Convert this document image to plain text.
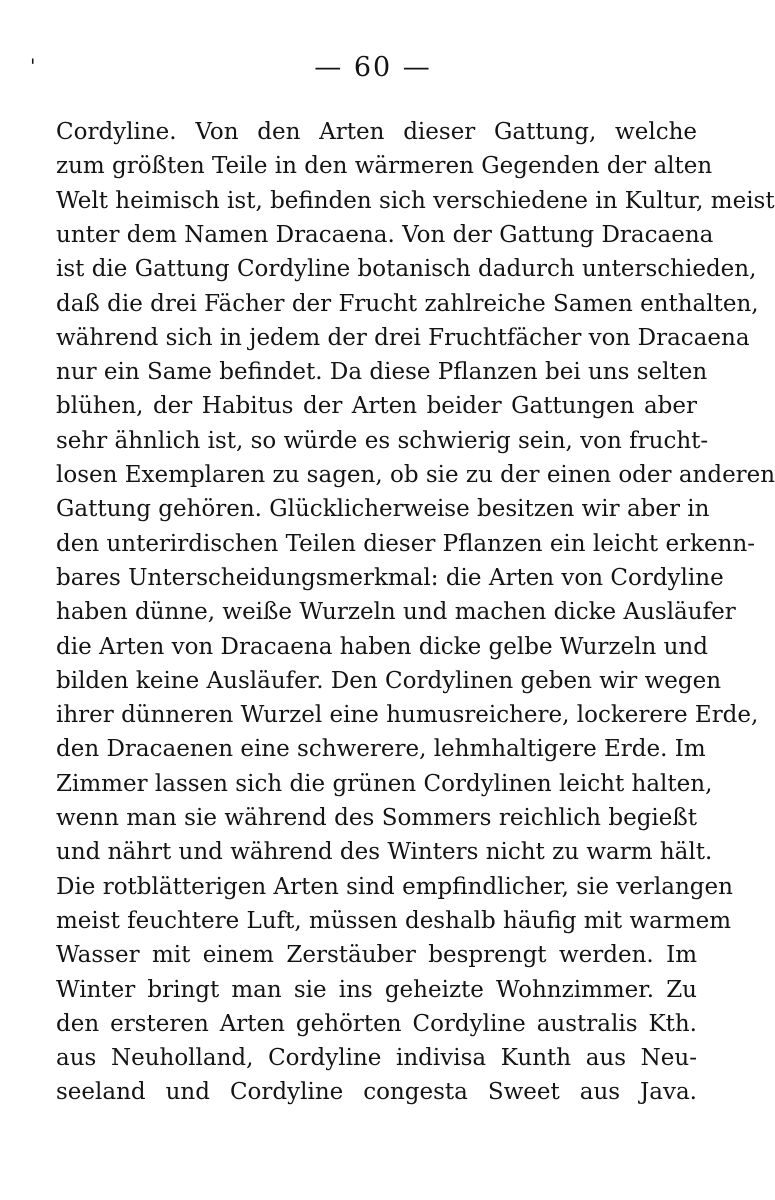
'	— 60 —
Cordyline. Von den Arten dieser Gattung, welche
zum größten Teile in den wärmeren Gegenden der alten
Welt heimisch ist, befinden sich verschiedene in Kultur, meist
unter dem Namen Dracaena. Von der Gattung Dracaena
ist die Gattung Cordyline botanisch dadurch unterschieden,
daß die drei Fächer der Frucht zahlreiche Samen enthalten,
während sich in jedem der drei Fruchtfächer von Dracaena
nur ein Same befindet. Da diese Pflanzen bei uns selten
blühen, der Habitus der Arten beider Gattungen aber
sehr ähnlich ist, so würde es schwierig sein, von frucht-
losen Exemplaren zu sagen, ob sie zu der einen oder anderen
Gattung gehören. Glücklicherweise besitzen wir aber in
den unterirdischen Teilen dieser Pflanzen ein leicht erkenn-
bares Unterscheidungsmerkmal: die Arten von Cordyline
haben dünne, weiße Wurzeln und machen dicke Ausläufer
die Arten von Dracaena haben dicke gelbe Wurzeln und
bilden keine Ausläufer. Den Cordylinen geben wir wegen
ihrer dünneren Wurzel eine humusreichere, lockerere Erde,
den Dracaenen eine schwerere, lehmhaltigere Erde. Im
Zimmer lassen sich die grünen Cordylinen leicht halten,
wenn man sie während des Sommers reichlich begießt
und nährt und während des Winters nicht zu warm hält.
Die rotblätterigen Arten sind empfindlicher, sie verlangen
meist feuchtere Luft, müssen deshalb häufig mit warmem
Wasser mit einem Zerstäuber besprengt werden. Im
Winter bringt man sie ins geheizte Wohnzimmer. Zu
den ersteren Arten gehörten Cordyline australis Kth.
aus Neuholland, Cordyline indivisa Kunth aus Neu-
seeland und Cordyline congesta Sweet aus Java.
